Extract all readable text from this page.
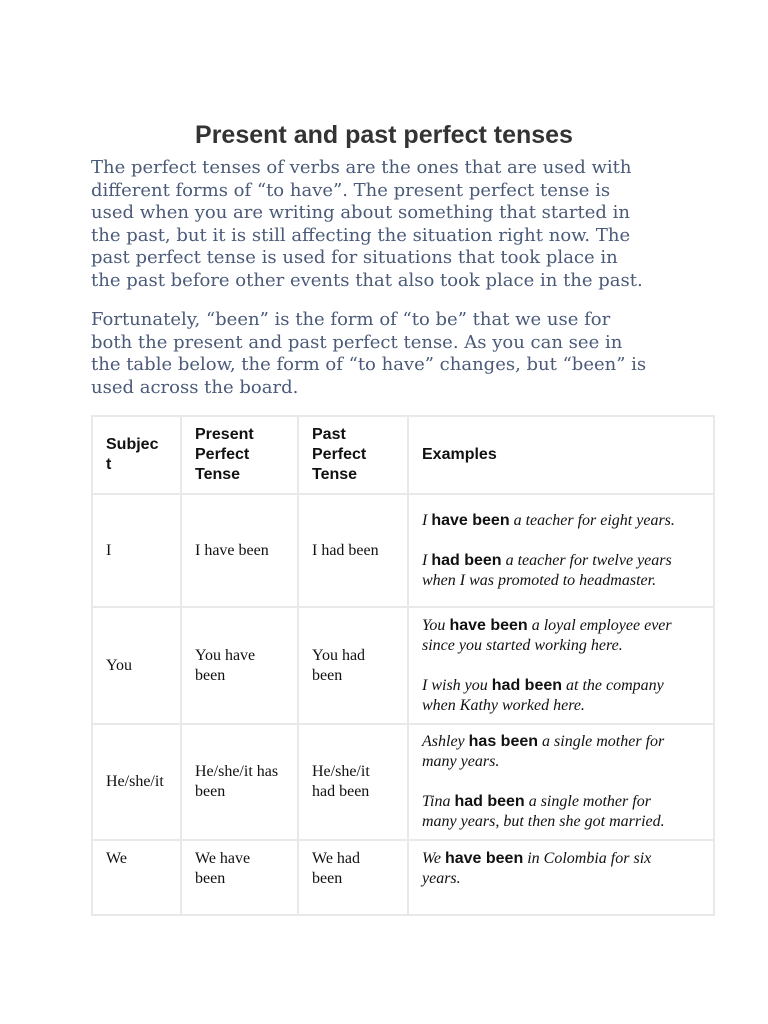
Present and past perfect tenses

The perfect tenses of verbs are the ones that are used with
different forms of “to have”. The present perfect tense is
used when you are writing about something that started in
the past, but it is still affecting the situation right now. The
past perfect tense is used for situations that took place in
the past before other events that also took place in the past.

Fortunately, “been” is the form of “to be” that we use for
both the present and past perfect tense. As you can see in
the table below, the form of “to have” changes, but “been” is
used across the board.

Subjec
t	Present
Perfect
Tense	Past
Perfect
Tense	Examples
I	I have been	I had been	I have been a teacher for eight years.
I had been a teacher for twelve years
when I was promoted to headmaster.

You	You have
been	You had
been	You have been a loyal employee ever
since you started working here.
I wish you had been at the company
when Kathy worked here.

He/she/it	He/she/it has
been	He/she/it
had been	Ashley has been a single mother for
many years.
Tina had been a single mother for
many years, but then she got married.

We	We have
been	We had
been	We have been in Colombia for six
years.
